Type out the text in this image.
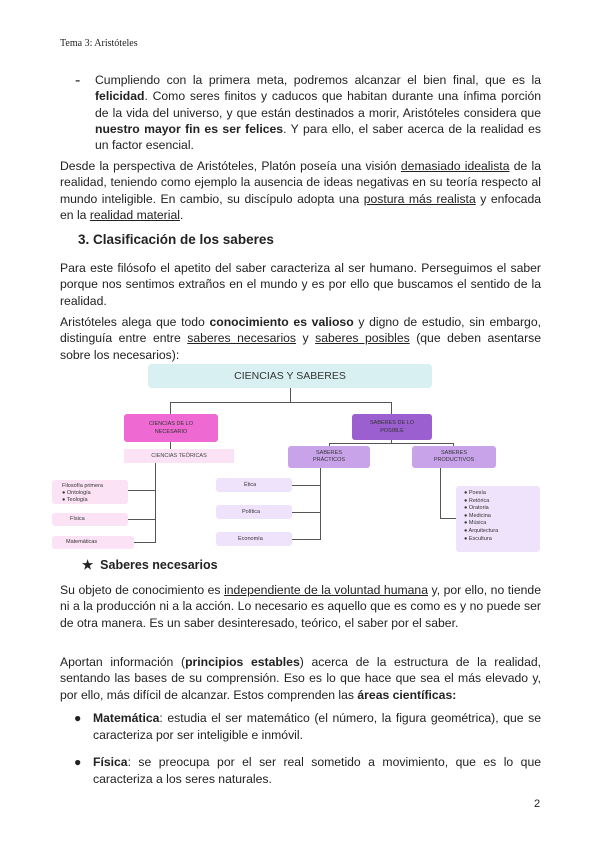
Tema 3: Aristóteles
- Cumpliendo con la primera meta, podremos alcanzar el bien final, que es la felicidad. Como seres finitos y caducos que habitan durante una ínfima porción de la vida del universo, y que están destinados a morir, Aristóteles considera que nuestro mayor fin es ser felices. Y para ello, el saber acerca de la realidad es un factor esencial.
Desde la perspectiva de Aristóteles, Platón poseía una visión demasiado idealista de la realidad, teniendo como ejemplo la ausencia de ideas negativas en su teoría respecto al mundo inteligible. En cambio, su discípulo adopta una postura más realista y enfocada en la realidad material.
3. Clasificación de los saberes
Para este filósofo el apetito del saber caracteriza al ser humano. Perseguimos el saber porque nos sentimos extraños en el mundo y es por ello que buscamos el sentido de la realidad.
Aristóteles alega que todo conocimiento es valioso y digno de estudio, sin embargo, distinguía entre entre saberes necesarios y saberes posibles (que deben asentarse sobre los necesarios):
CIENCIAS Y SABERES
CIENCIAS DE LO
NECESARIO
SABERES DE LO
POSIBLE
CIENCIAS TEÓRICAS	SABERES
PRÁCTICOS
SABERES
PRODUCTIVOS
Filosofía primera
● Ontología
● Teología
Física
Matemáticas
Ética
Política
Economía
● Poesía
● Retórica
● Oratoria
● Medicina
● Música
● Arquitectura
● Escultura
★ Saberes necesarios
Su objeto de conocimiento es independiente de la voluntad humana y, por ello, no tiende ni a la producción ni a la acción. Lo necesario es aquello que es como es y no puede ser de otra manera. Es un saber desinteresado, teórico, el saber por el saber.
Aportan información (principios estables) acerca de la estructura de la realidad, sentando las bases de su comprensión. Eso es lo que hace que sea el más elevado y, por ello, más difícil de alcanzar. Estos comprenden las áreas científicas:
● Matemática: estudia el ser matemático (el número, la figura geométrica), que se caracteriza por ser inteligible e inmóvil.
● Física: se preocupa por el ser real sometido a movimiento, que es lo que caracteriza a los seres naturales.
2
